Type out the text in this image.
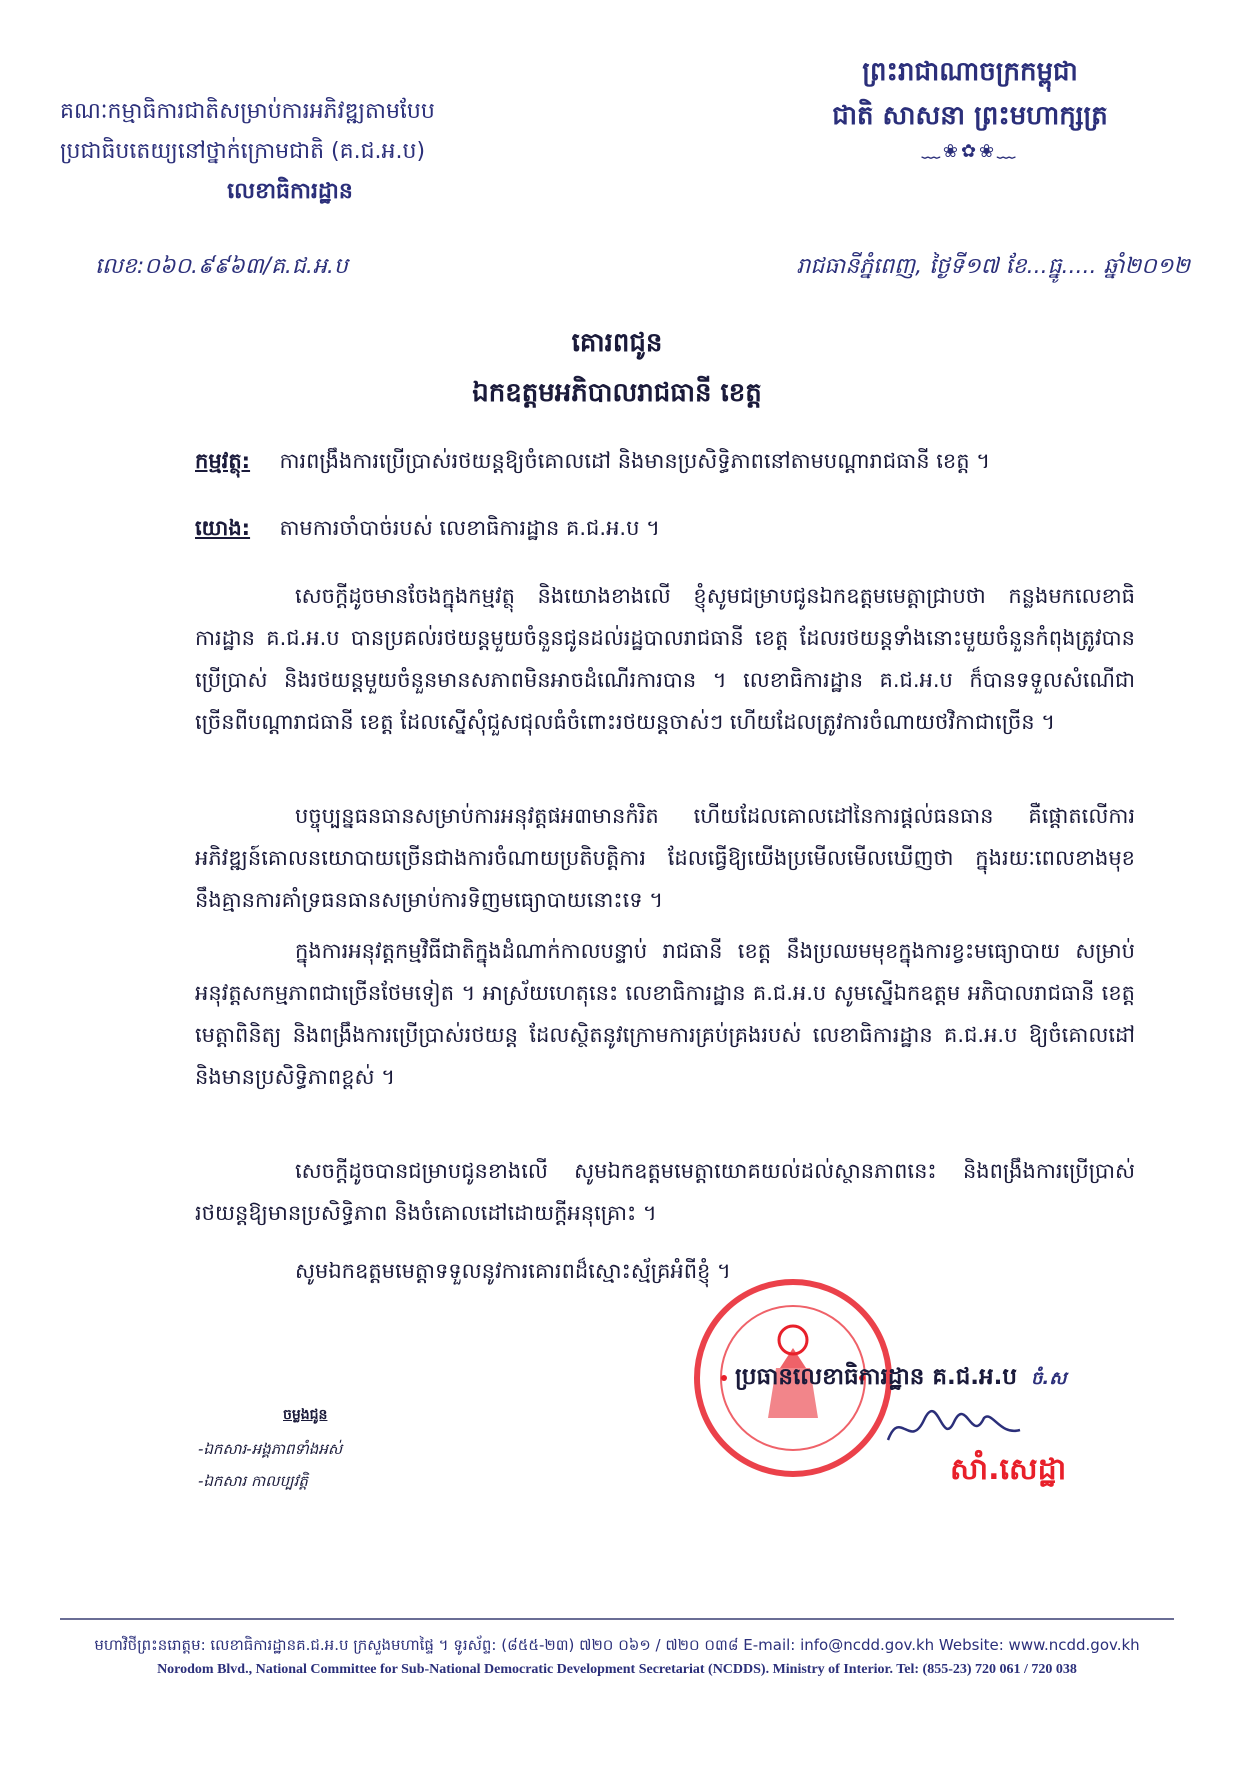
គណៈកម្មាធិការជាតិសម្រាប់ការអភិវឌ្ឍតាមបែប
ប្រជាធិបតេយ្យនៅថ្នាក់ក្រោមជាតិ (គ.ជ.អ.ប)
លេខាធិការដ្ឋាន
ព្រះរាជាណាចក្រកម្ពុជា
ជាតិ សាសនា ព្រះមហាក្សត្រ
﹏❀✿❀﹏
លេខ:០៦០.៩៩៦៣/គ.ជ.អ.ប	រាជធានីភ្នំពេញ, ថ្ងៃទី១៧ ខែ...ធ្នូ..... ឆ្នាំ២០១២
គោរពជូន
ឯកឧត្តមអភិបាលរាជធានី ខេត្ត
កម្មវត្ថុ: ការពង្រឹងការប្រើប្រាស់រថយន្តឱ្យចំគោលដៅ និងមានប្រសិទ្ធិភាពនៅតាមបណ្ដារាជធានី ខេត្ត ។
យោង: តាមការចាំបាច់របស់ លេខាធិការដ្ឋាន គ.ជ.អ.ប ។
សេចក្ដីដូចមានចែងក្នុងកម្មវត្ថុ និងយោងខាងលើ ខ្ញុំសូមជម្រាបជូនឯកឧត្តមមេត្តាជ្រាបថា កន្លងមកលេខាធិការដ្ឋាន គ.ជ.អ.ប បានប្រគល់រថយន្តមួយចំនួនជូនដល់រដ្ឋបាលរាជធានី ខេត្ត ដែលរថយន្តទាំងនោះមួយចំនួនកំពុងត្រូវបានប្រើប្រាស់ និងរថយន្តមួយចំនួនមានសភាពមិនអាចដំណើរការបាន ។ លេខាធិការដ្ឋាន គ.ជ.អ.ប ក៏បានទទួលសំណើជាច្រើនពីបណ្ដារាជធានី ខេត្ត ដែលស្នើសុំជួសជុលធំចំពោះរថយន្តចាស់ៗ ហើយដែលត្រូវការចំណាយថវិកាជាច្រើន ។
បច្ចុប្បន្នធនធានសម្រាប់ការអនុវត្តផអ៣មានកំរិត ហើយដែលគោលដៅនៃការផ្ដល់ធនធាន គឺផ្ដោតលើការអភិវឌ្ឍន៍គោលនយោបាយច្រើនជាងការចំណាយប្រតិបត្តិការ ដែលធ្វើឱ្យយើងប្រមើលមើលឃើញថា ក្នុងរយៈពេលខាងមុខ នឹងគ្មានការគាំទ្រធនធានសម្រាប់ការទិញមធ្យោបាយនោះទេ ។
ក្នុងការអនុវត្តកម្មវិធីជាតិក្នុងដំណាក់កាលបន្ទាប់ រាជធានី ខេត្ត នឹងប្រឈមមុខក្នុងការខ្វះមធ្យោបាយ សម្រាប់អនុវត្តសកម្មភាពជាច្រើនថែមទៀត ។ អាស្រ័យហេតុនេះ លេខាធិការដ្ឋាន គ.ជ.អ.ប សូមស្នើឯកឧត្តម អភិបាលរាជធានី ខេត្ត មេត្តាពិនិត្យ និងពង្រឹងការប្រើប្រាស់រថយន្ត ដែលស្ថិតនូវក្រោមការគ្រប់គ្រងរបស់ លេខាធិការដ្ឋាន គ.ជ.អ.ប ឱ្យចំគោលដៅ និងមានប្រសិទ្ធិភាពខ្ពស់ ។
សេចក្ដីដូចបានជម្រាបជូនខាងលើ សូមឯកឧត្តមមេត្តាយោគយល់ដល់ស្ថានភាពនេះ និងពង្រឹងការប្រើប្រាស់រថយន្តឱ្យមានប្រសិទ្ធិភាព និងចំគោលដៅដោយក្ដីអនុគ្រោះ ។
សូមឯកឧត្តមមេត្តាទទួលនូវការគោរពដ៏ស្មោះស្ម័គ្រអំពីខ្ញុំ ។
ប្រធានលេខាធិការដ្ឋាន គ.ជ.អ.ប ចំ.ស
សាំ.សេដ្ឋា
ចម្លងជូន
-ឯកសារ-អង្គភាពទាំងអស់
-ឯកសារ កាលប្បវត្តិ
មហាវិថីព្រះនរោត្តម: លេខាធិការដ្ឋានគ.ជ.អ.ប ក្រសួងមហាផ្ទៃ ។ ទូរស័ព្ទ: (៨៥៥-២៣) ៧២០ ០៦១ / ៧២០ ០៣៨ E-mail: info@ncdd.gov.kh Website: www.ncdd.gov.kh
Norodom Blvd., National Committee for Sub-National Democratic Development Secretariat (NCDDS). Ministry of Interior. Tel: (855-23) 720 061 / 720 038
